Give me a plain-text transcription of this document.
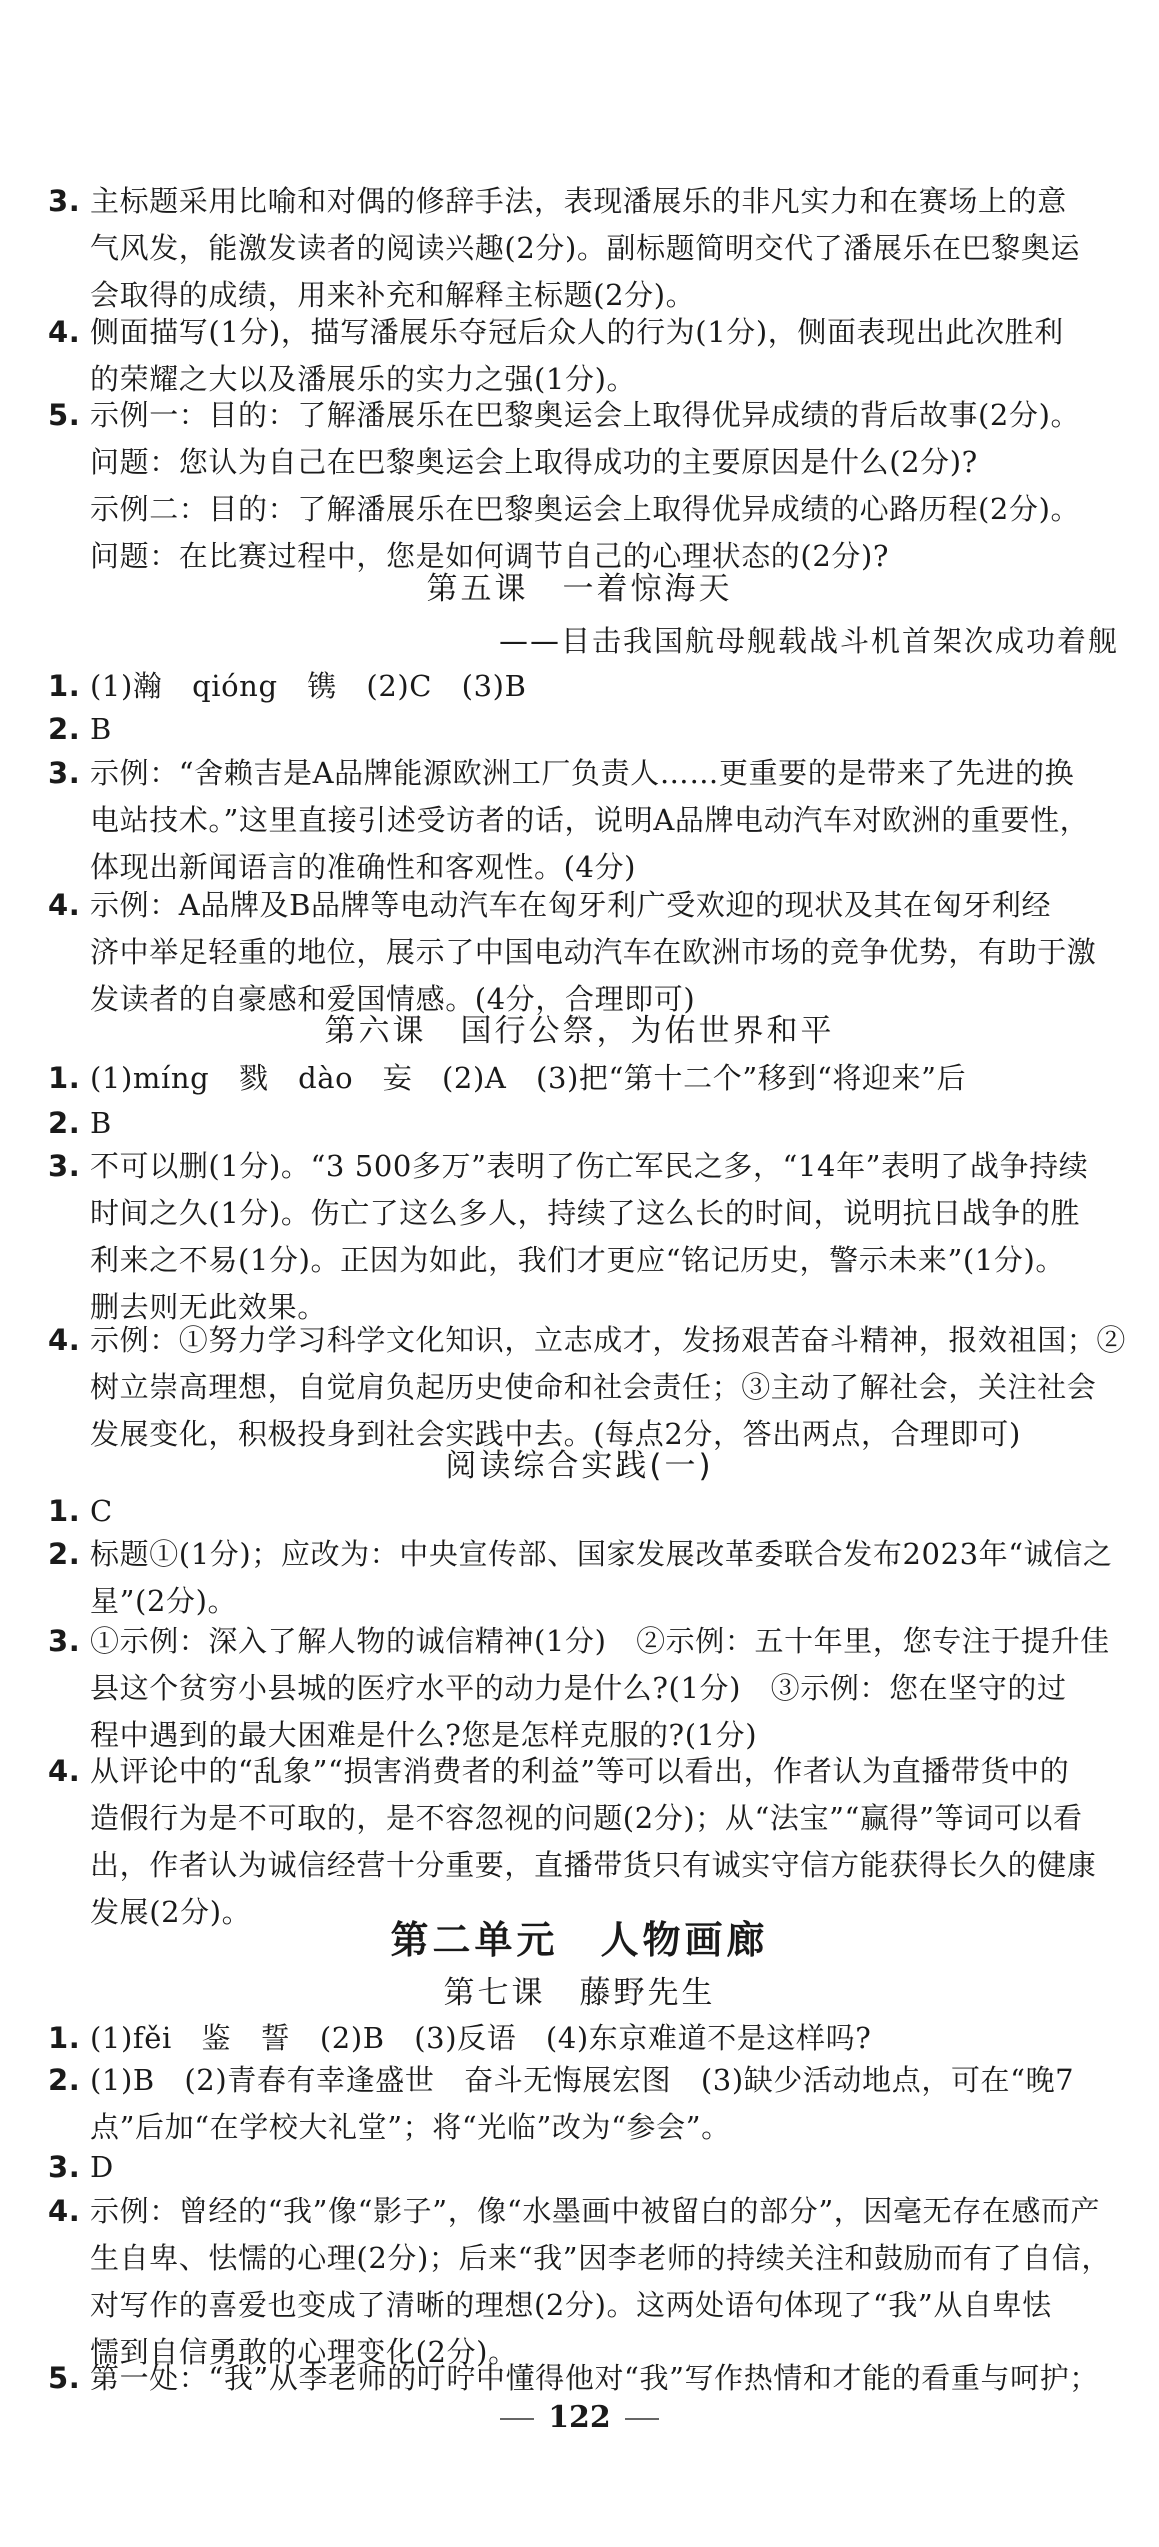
3. 主标题采用比喻和对偶的修辞手法，表现潘展乐的非凡实力和在赛场上的意
气风发，能激发读者的阅读兴趣(2分)。副标题简明交代了潘展乐在巴黎奥运
会取得的成绩，用来补充和解释主标题(2分)。
4. 侧面描写(1分)，描写潘展乐夺冠后众人的行为(1分)，侧面表现出此次胜利
的荣耀之大以及潘展乐的实力之强(1分)。
5. 示例一：目的：了解潘展乐在巴黎奥运会上取得优异成绩的背后故事(2分)。
问题：您认为自己在巴黎奥运会上取得成功的主要原因是什么(2分)?
示例二：目的：了解潘展乐在巴黎奥运会上取得优异成绩的心路历程(2分)。
问题：在比赛过程中，您是如何调节自己的心理状态的(2分)?
第五课　一着惊海天
——目击我国航母舰载战斗机首架次成功着舰
1. (1)瀚　qióng　镌　(2)C　(3)B
2. B
3. 示例：“舍赖吉是A品牌能源欧洲工厂负责人……更重要的是带来了先进的换
电站技术。”这里直接引述受访者的话，说明A品牌电动汽车对欧洲的重要性，
体现出新闻语言的准确性和客观性。(4分)
4. 示例：A品牌及B品牌等电动汽车在匈牙利广受欢迎的现状及其在匈牙利经
济中举足轻重的地位，展示了中国电动汽车在欧洲市场的竞争优势，有助于激
发读者的自豪感和爱国情感。(4分，合理即可)
第六课　国行公祭，为佑世界和平
1. (1)míng　戮　dào　妄　(2)A　(3)把“第十二个”移到“将迎来”后
2. B
3. 不可以删(1分)。“3 500多万”表明了伤亡军民之多，“14年”表明了战争持续
时间之久(1分)。伤亡了这么多人，持续了这么长的时间，说明抗日战争的胜
利来之不易(1分)。正因为如此，我们才更应“铭记历史，警示未来”(1分)。
删去则无此效果。
4. 示例：①努力学习科学文化知识，立志成才，发扬艰苦奋斗精神，报效祖国；②
树立崇高理想，自觉肩负起历史使命和社会责任；③主动了解社会，关注社会
发展变化，积极投身到社会实践中去。(每点2分，答出两点，合理即可)
阅读综合实践(一)
1. C
2. 标题①(1分)；应改为：中央宣传部、国家发展改革委联合发布2023年“诚信之
星”(2分)。
3. ①示例：深入了解人物的诚信精神(1分)　②示例：五十年里，您专注于提升佳
县这个贫穷小县城的医疗水平的动力是什么?(1分)　③示例：您在坚守的过
程中遇到的最大困难是什么?您是怎样克服的?(1分)
4. 从评论中的“乱象”“损害消费者的利益”等可以看出，作者认为直播带货中的
造假行为是不可取的，是不容忽视的问题(2分)；从“法宝”“赢得”等词可以看
出，作者认为诚信经营十分重要，直播带货只有诚实守信方能获得长久的健康
发展(2分)。
第二单元　人物画廊
第七课　藤野先生
1. (1)fěi　鉴　誓　(2)B　(3)反语　(4)东京难道不是这样吗?
2. (1)B　(2)青春有幸逢盛世　奋斗无悔展宏图　(3)缺少活动地点，可在“晚7
点”后加“在学校大礼堂”；将“光临”改为“参会”。
3. D
4. 示例：曾经的“我”像“影子”，像“水墨画中被留白的部分”，因毫无存在感而产
生自卑、怯懦的心理(2分)；后来“我”因李老师的持续关注和鼓励而有了自信，
对写作的喜爱也变成了清晰的理想(2分)。这两处语句体现了“我”从自卑怯
懦到自信勇敢的心理变化(2分)。
5. 第一处：“我”从李老师的叮咛中懂得他对“我”写作热情和才能的看重与呵护；
122
